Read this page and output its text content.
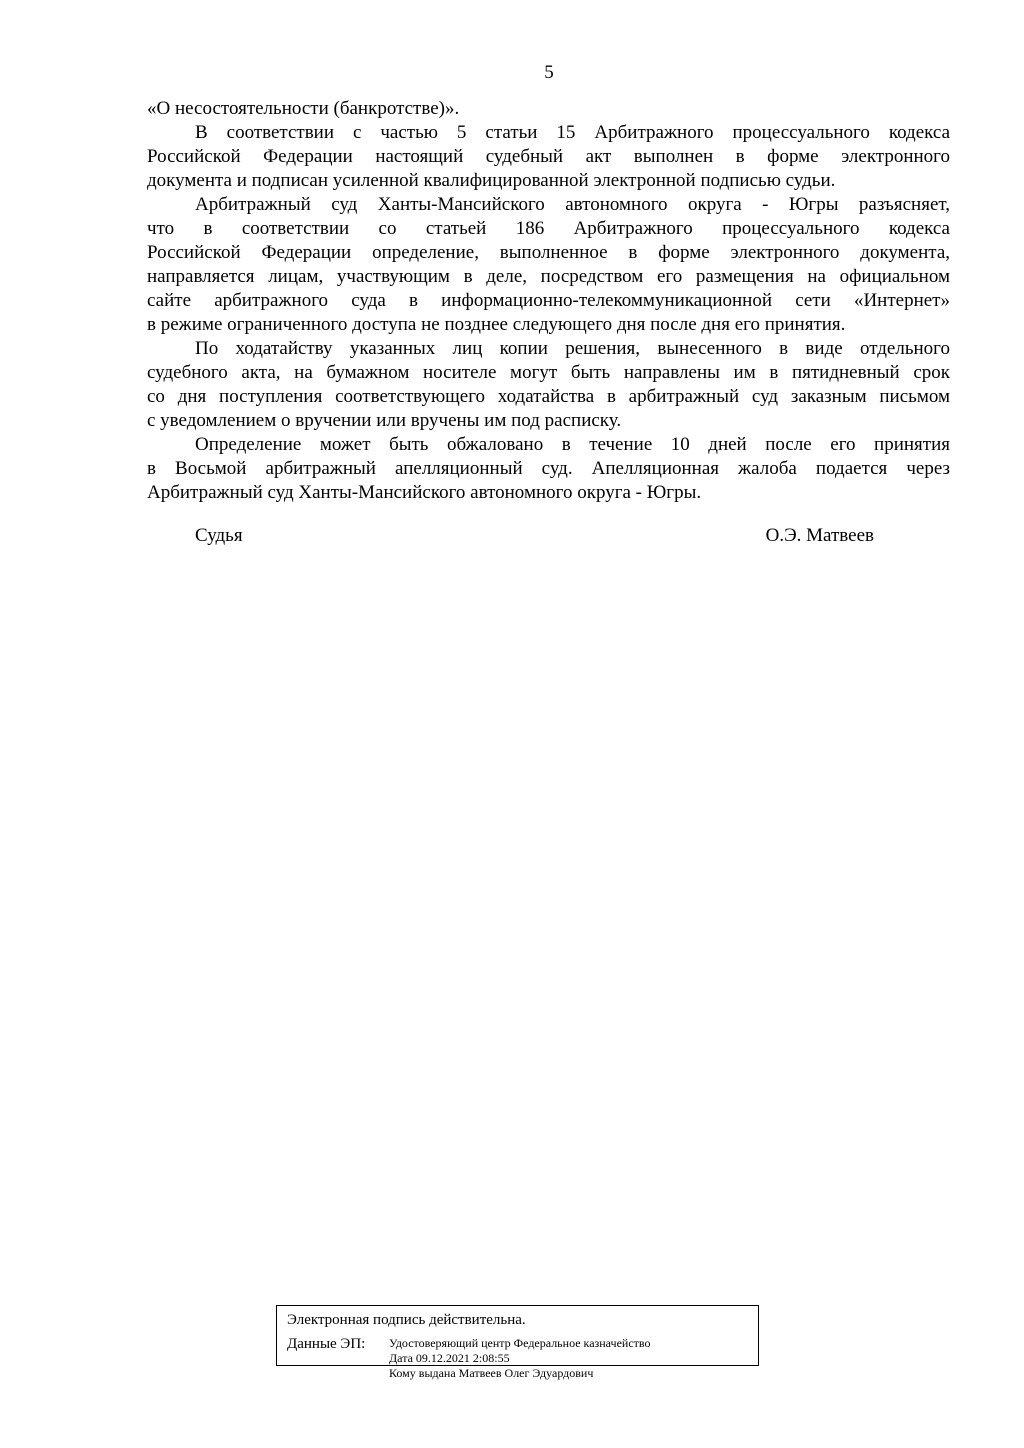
5
«О несостоятельности (банкротстве)».
В соответствии с частью 5 статьи 15 Арбитражного процессуального кодекса
Российской Федерации настоящий судебный акт выполнен в форме электронного
документа и подписан усиленной квалифицированной электронной подписью судьи.
Арбитражный суд Ханты-Мансийского автономного округа - Югры разъясняет,
что в соответствии со статьей 186 Арбитражного процессуального кодекса
Российской Федерации определение, выполненное в форме электронного документа,
направляется лицам, участвующим в деле, посредством его размещения на официальном
сайте арбитражного суда в информационно-телекоммуникационной сети «Интернет»
в режиме ограниченного доступа не позднее следующего дня после дня его принятия.
По ходатайству указанных лиц копии решения, вынесенного в виде отдельного
судебного акта, на бумажном носителе могут быть направлены им в пятидневный срок
со дня поступления соответствующего ходатайства в арбитражный суд заказным письмом
с уведомлением о вручении или вручены им под расписку.
Определение может быть обжаловано в течение 10 дней после его принятия
в Восьмой арбитражный апелляционный суд. Апелляционная жалоба подается через
Арбитражный суд Ханты-Мансийского автономного округа - Югры.
Судья	О.Э. Матвеев
Электронная подпись действительна.
Данные ЭП:	Удостоверяющий центр Федеральное казначейство
Дата 09.12.2021 2:08:55
Кому выдана Матвеев Олег Эдуардович
